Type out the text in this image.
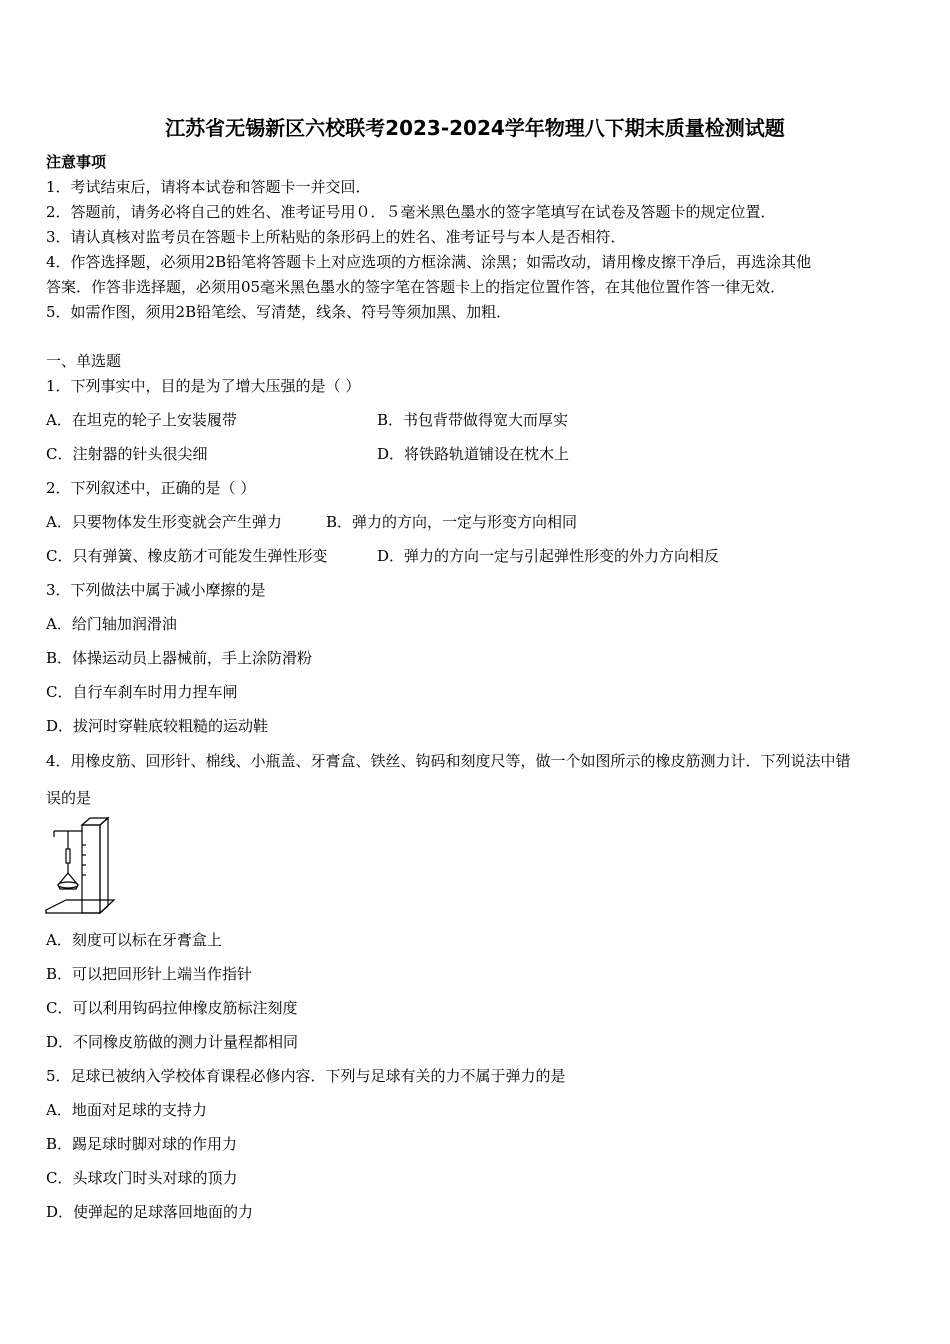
江苏省无锡新区六校联考2023-2024学年物理八下期末质量检测试题
注意事项
1．考试结束后，请将本试卷和答题卡一并交回．
2．答题前，请务必将自己的姓名、准考证号用０．５毫米黑色墨水的签字笔填写在试卷及答题卡的规定位置．
3．请认真核对监考员在答题卡上所粘贴的条形码上的姓名、准考证号与本人是否相符．
4．作答选择题，必须用2B铅笔将答题卡上对应选项的方框涂满、涂黑；如需改动，请用橡皮擦干净后，再选涂其他
答案．作答非选择题，必须用05毫米黑色墨水的签字笔在答题卡上的指定位置作答，在其他位置作答一律无效．
5．如需作图，须用2B铅笔绘、写清楚，线条、符号等须加黑、加粗．
一、单选题
1．下列事实中，目的是为了增大压强的是（ ）
A．在坦克的轮子上安装履带	B．书包背带做得宽大而厚实
C．注射器的针头很尖细	D．将铁路轨道铺设在枕木上
2．下列叙述中，正确的是（ ）
A．只要物体发生形变就会产生弹力	B．弹力的方向，一定与形变方向相同
C．只有弹簧、橡皮筋才可能发生弹性形变	D．弹力的方向一定与引起弹性形变的外力方向相反
3．下列做法中属于减小摩擦的是
A．给门轴加润滑油
B．体操运动员上器械前，手上涂防滑粉
C．自行车刹车时用力捏车闸
D．拔河时穿鞋底较粗糙的运动鞋
4．用橡皮筋、回形针、棉线、小瓶盖、牙膏盒、铁丝、钩码和刻度尺等，做一个如图所示的橡皮筋测力计．下列说法中错
误的是
A．刻度可以标在牙膏盒上
B．可以把回形针上端当作指针
C．可以利用钩码拉伸橡皮筋标注刻度
D．不同橡皮筋做的测力计量程都相同
5．足球已被纳入学校体育课程必修内容．下列与足球有关的力不属于弹力的是
A．地面对足球的支持力
B．踢足球时脚对球的作用力
C．头球攻门时头对球的顶力
D．使弹起的足球落回地面的力
